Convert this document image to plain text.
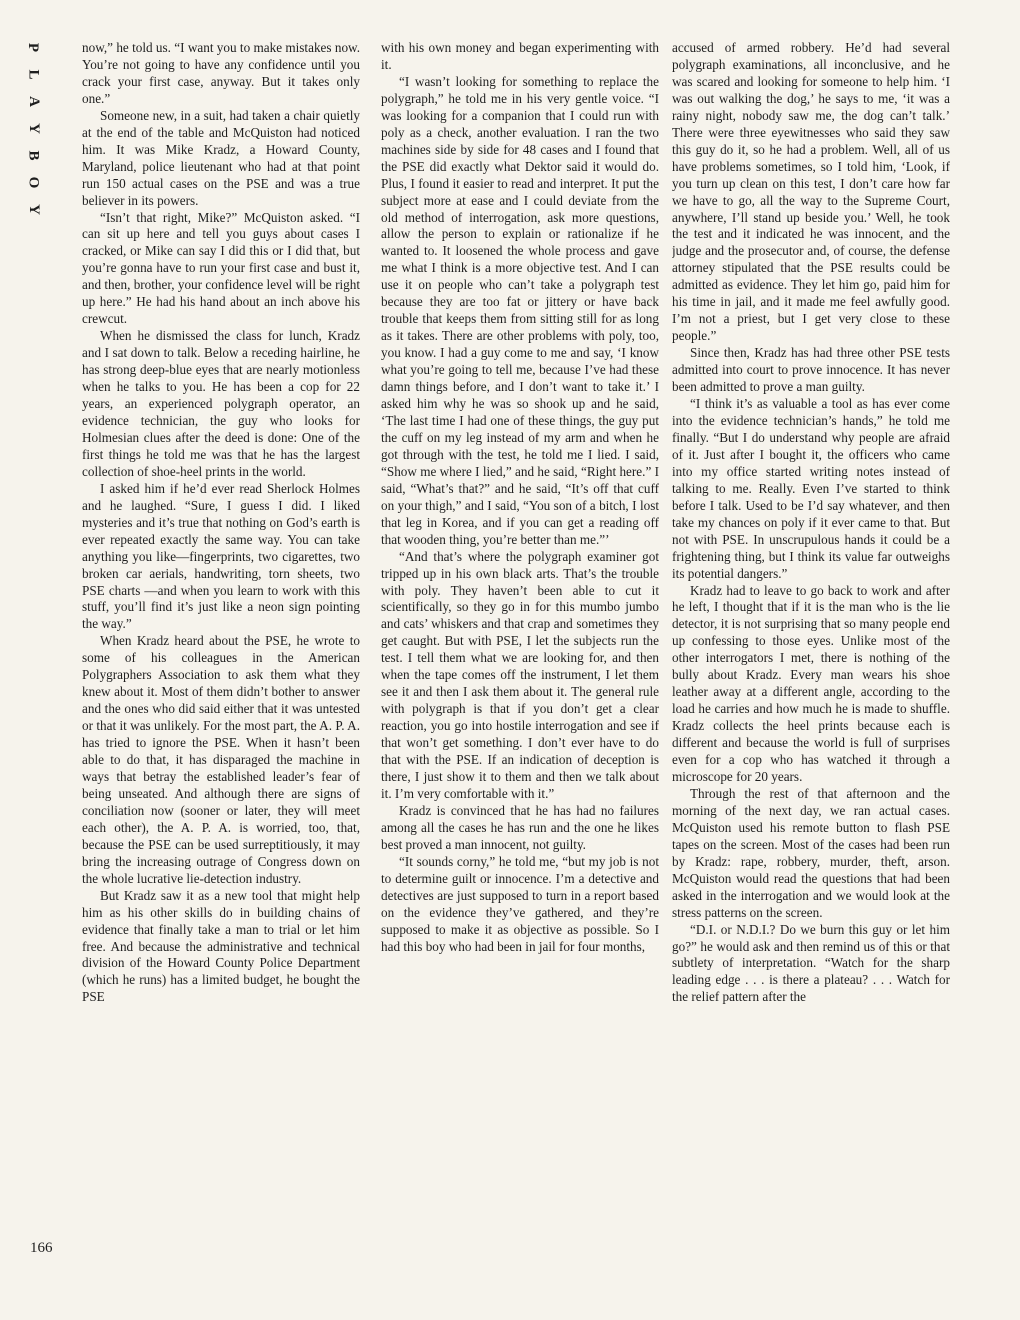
P
L
A
Y
B
O
Y
166

now,” he told us. “I want you to make mistakes now. You’re not going to have any confidence until you crack your first case, anyway. But it takes only one.”

Someone new, in a suit, had taken a chair quietly at the end of the table and McQuiston had noticed him. It was Mike Kradz, a Howard County, Maryland, police lieutenant who had at that point run 150 actual cases on the PSE and was a true believer in its powers.

“Isn’t that right, Mike?” McQuiston asked. “I can sit up here and tell you guys about cases I cracked, or Mike can say I did this or I did that, but you’re gonna have to run your first case and bust it, and then, brother, your confidence level will be right up here.” He had his hand about an inch above his crewcut.

When he dismissed the class for lunch, Kradz and I sat down to talk. Below a receding hairline, he has strong deep-blue eyes that are nearly motionless when he talks to you. He has been a cop for 22 years, an experienced polygraph operator, an evidence technician, the guy who looks for Holmesian clues after the deed is done: One of the first things he told me was that he has the largest collection of shoe-heel prints in the world.

I asked him if he’d ever read Sherlock Holmes and he laughed. “Sure, I guess I did. I liked mysteries and it’s true that nothing on God’s earth is ever repeated exactly the same way. You can take anything you like—fingerprints, two cigarettes, two broken car aerials, handwriting, torn sheets, two PSE charts —and when you learn to work with this stuff, you’ll find it’s just like a neon sign pointing the way.”

When Kradz heard about the PSE, he wrote to some of his colleagues in the American Polygraphers Association to ask them what they knew about it. Most of them didn’t bother to answer and the ones who did said either that it was untested or that it was unlikely. For the most part, the A. P. A. has tried to ignore the PSE. When it hasn’t been able to do that, it has disparaged the machine in ways that betray the established leader’s fear of being unseated. And although there are signs of conciliation now (sooner or later, they will meet each other), the A. P. A. is worried, too, that, because the PSE can be used surreptitiously, it may bring the increasing outrage of Congress down on the whole lucrative lie-detection industry.

But Kradz saw it as a new tool that might help him as his other skills do in building chains of evidence that finally take a man to trial or let him free. And because the administrative and technical division of the Howard County Police Department (which he runs) has a limited budget, he bought the PSE

with his own money and began experimenting with it.

“I wasn’t looking for something to replace the polygraph,” he told me in his very gentle voice. “I was looking for a companion that I could run with poly as a check, another evaluation. I ran the two machines side by side for 48 cases and I found that the PSE did exactly what Dektor said it would do. Plus, I found it easier to read and interpret. It put the subject more at ease and I could deviate from the old method of interrogation, ask more questions, allow the person to explain or rationalize if he wanted to. It loosened the whole process and gave me what I think is a more objective test. And I can use it on people who can’t take a polygraph test because they are too fat or jittery or have back trouble that keeps them from sitting still for as long as it takes. There are other problems with poly, too, you know. I had a guy come to me and say, ‘I know what you’re going to tell me, because I’ve had these damn things before, and I don’t want to take it.’ I asked him why he was so shook up and he said, ‘The last time I had one of these things, the guy put the cuff on my leg instead of my arm and when he got through with the test, he told me I lied. I said, “Show me where I lied,” and he said, “Right here.” I said, “What’s that?” and he said, “It’s off that cuff on your thigh,” and I said, “You son of a bitch, I lost that leg in Korea, and if you can get a reading off that wooden thing, you’re better than me.”’

“And that’s where the polygraph examiner got tripped up in his own black arts. That’s the trouble with poly. They haven’t been able to cut it scientifically, so they go in for this mumbo jumbo and cats’ whiskers and that crap and sometimes they get caught. But with PSE, I let the subjects run the test. I tell them what we are looking for, and then when the tape comes off the instrument, I let them see it and then I ask them about it. The general rule with polygraph is that if you don’t get a clear reaction, you go into hostile interrogation and see if that won’t get something. I don’t ever have to do that with the PSE. If an indication of deception is there, I just show it to them and then we talk about it. I’m very comfortable with it.”

Kradz is convinced that he has had no failures among all the cases he has run and the one he likes best proved a man innocent, not guilty.

“It sounds corny,” he told me, “but my job is not to determine guilt or innocence. I’m a detective and detectives are just supposed to turn in a report based on the evidence they’ve gathered, and they’re supposed to make it as objective as possible. So I had this boy who had been in jail for four months,

accused of armed robbery. He’d had several polygraph examinations, all inconclusive, and he was scared and looking for someone to help him. ‘I was out walking the dog,’ he says to me, ‘it was a rainy night, nobody saw me, the dog can’t talk.’ There were three eyewitnesses who said they saw this guy do it, so he had a problem. Well, all of us have problems sometimes, so I told him, ‘Look, if you turn up clean on this test, I don’t care how far we have to go, all the way to the Supreme Court, anywhere, I’ll stand up beside you.’ Well, he took the test and it indicated he was innocent, and the judge and the prosecutor and, of course, the defense attorney stipulated that the PSE results could be admitted as evidence. They let him go, paid him for his time in jail, and it made me feel awfully good. I’m not a priest, but I get very close to these people.”

Since then, Kradz has had three other PSE tests admitted into court to prove innocence. It has never been admitted to prove a man guilty.

“I think it’s as valuable a tool as has ever come into the evidence technician’s hands,” he told me finally. “But I do understand why people are afraid of it. Just after I bought it, the officers who came into my office started writing notes instead of talking to me. Really. Even I’ve started to think before I talk. Used to be I’d say whatever, and then take my chances on poly if it ever came to that. But not with PSE. In unscrupulous hands it could be a frightening thing, but I think its value far outweighs its potential dangers.”

Kradz had to leave to go back to work and after he left, I thought that if it is the man who is the lie detector, it is not surprising that so many people end up confessing to those eyes. Unlike most of the other interrogators I met, there is nothing of the bully about Kradz. Every man wears his shoe leather away at a different angle, according to the load he carries and how much he is made to shuffle. Kradz collects the heel prints because each is different and because the world is full of surprises even for a cop who has watched it through a microscope for 20 years.

Through the rest of that afternoon and the morning of the next day, we ran actual cases. McQuiston used his remote button to flash PSE tapes on the screen. Most of the cases had been run by Kradz: rape, robbery, murder, theft, arson. McQuiston would read the questions that had been asked in the interrogation and we would look at the stress patterns on the screen.

“D.I. or N.D.I.? Do we burn this guy or let him go?” he would ask and then remind us of this or that subtlety of interpretation. “Watch for the sharp leading edge . . . is there a plateau? . . . Watch for the relief pattern after the
